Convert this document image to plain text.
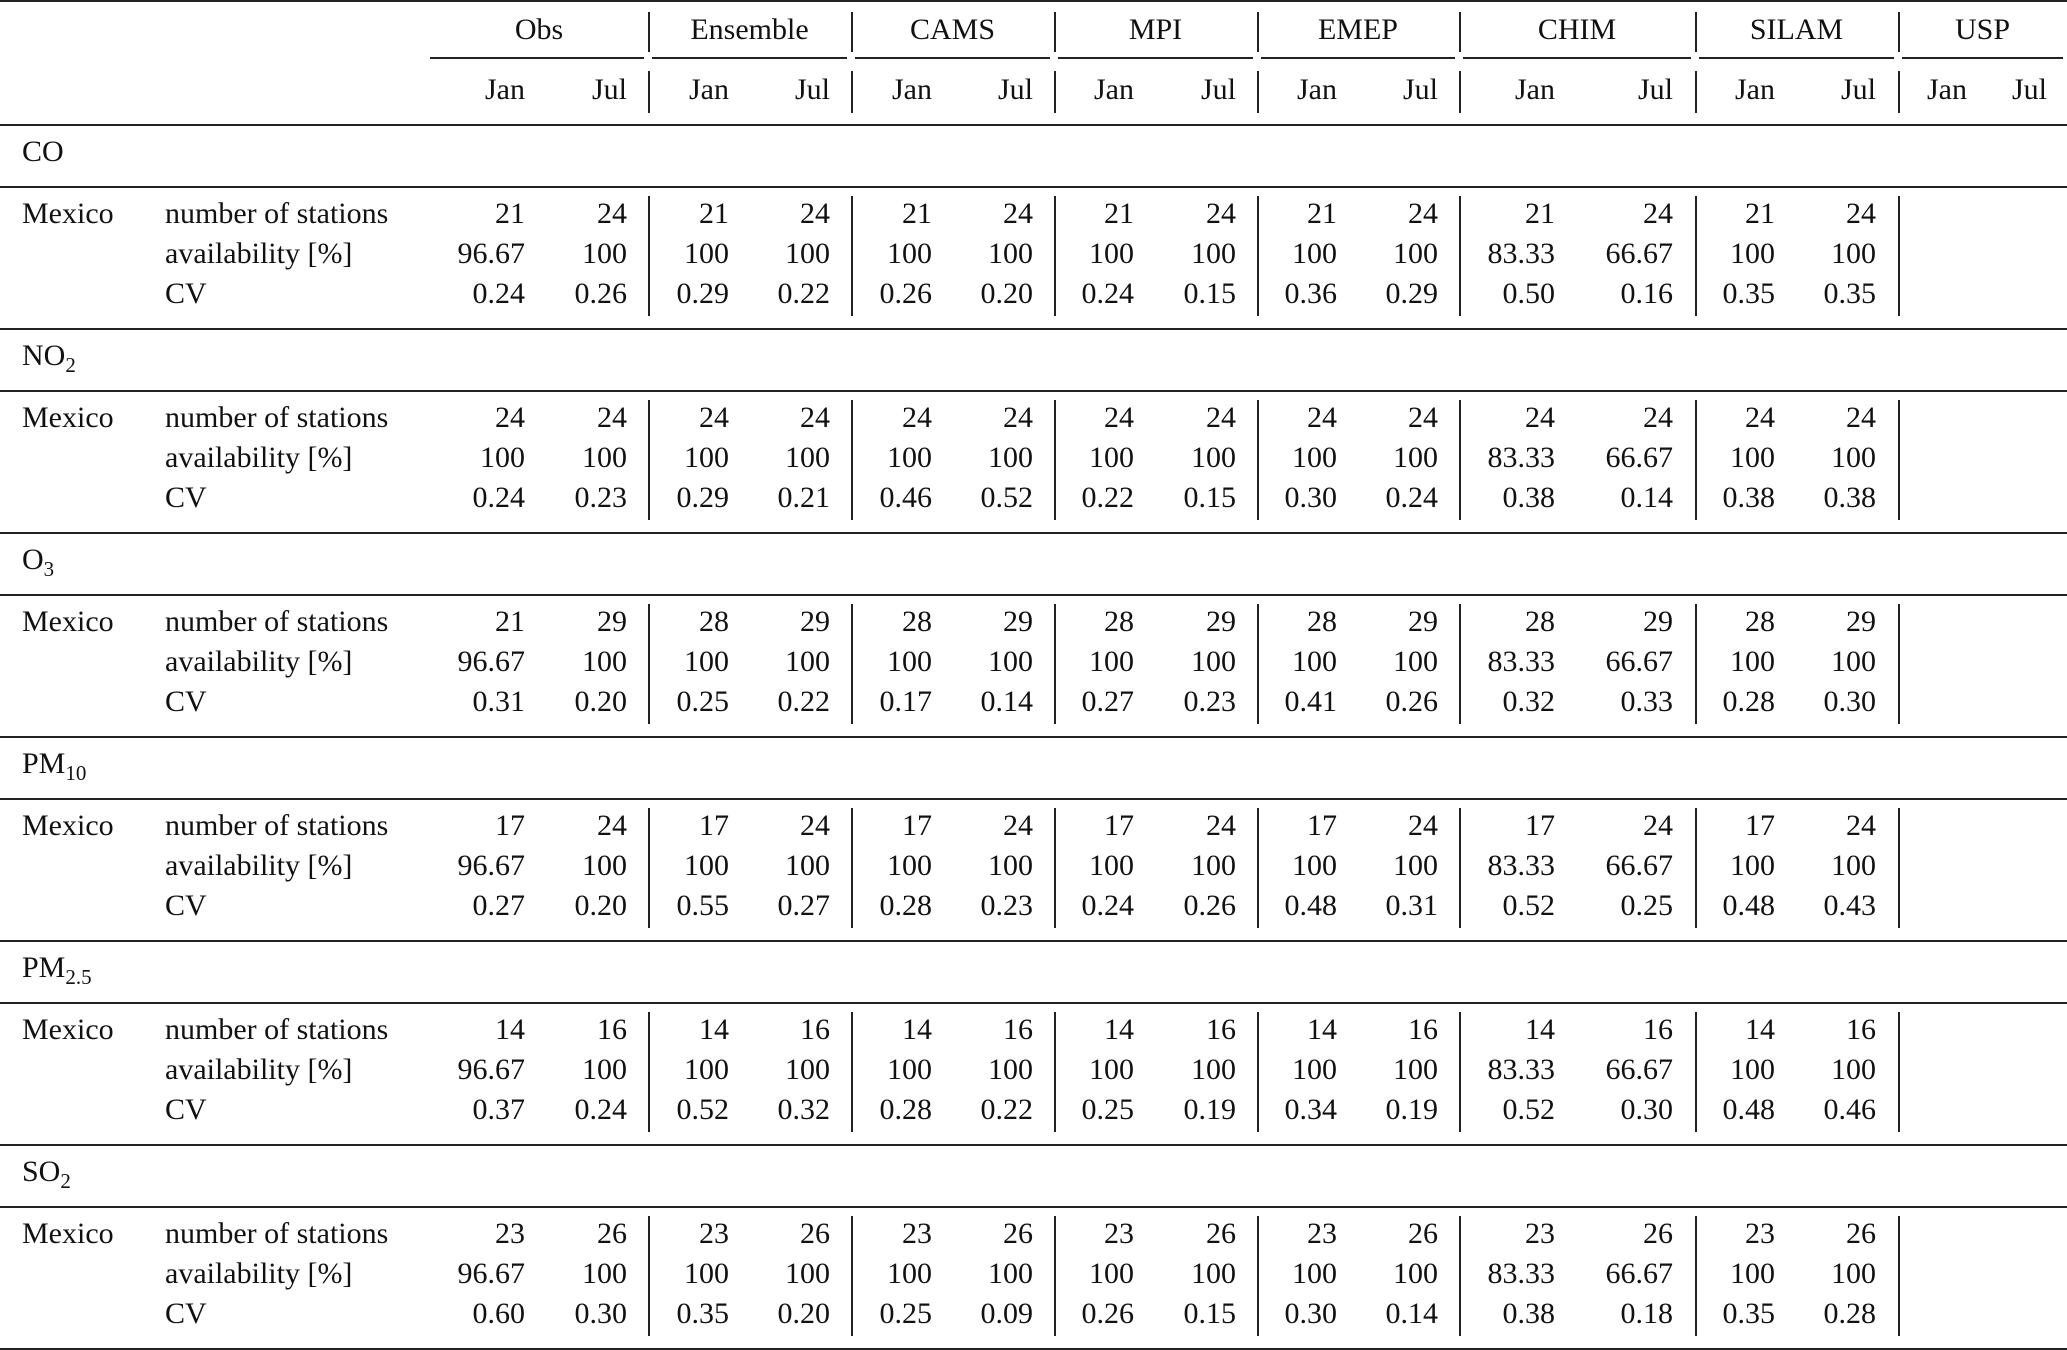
Obs	Ensemble	CAMS	MPI	EMEP	CHIM	SILAM	USP
Jan	Jul	Jan	Jul	Jan	Jul	Jan	Jul	Jan	Jul	Jan	Jul	Jan	Jul	Jan	Jul
CO
Mexico number of stations	21	24	21	24	21	24	21	24	21	24	21	24	21	24
availability [%]	96.67	100	100	100	100	100	100	100	100	100	83.33	66.67	100	100
CV	0.24	0.26	0.29	0.22	0.26	0.20	0.24	0.15	0.36	0.29	0.50	0.16	0.35	0.35
$NO_2$
Mexico number of stations	24	24	24	24	24	24	24	24	24	24	24	24	24	24
availability [%]	100	100	100	100	100	100	100	100	100	100	83.33	66.67	100	100
CV	0.24	0.23	0.29	0.21	0.46	0.52	0.22	0.15	0.30	0.24	0.38	0.14	0.38	0.38
$O_3$
Mexico number of stations	21	29	28	29	28	29	28	29	28	29	28	29	28	29
availability [%]	96.67	100	100	100	100	100	100	100	100	100	83.33	66.67	100	100
CV	0.31	0.20	0.25	0.22	0.17	0.14	0.27	0.23	0.41	0.26	0.32	0.33	0.28	0.30
$PM_{10}$
Mexico number of stations	17	24	17	24	17	24	17	24	17	24	17	24	17	24
availability [%]	96.67	100	100	100	100	100	100	100	100	100	83.33	66.67	100	100
CV	0.27	0.20	0.55	0.27	0.28	0.23	0.24	0.26	0.48	0.31	0.52	0.25	0.48	0.43
$PM_{2.5}$
Mexico number of stations	14	16	14	16	14	16	14	16	14	16	14	16	14	16
availability [%]	96.67	100	100	100	100	100	100	100	100	100	83.33	66.67	100	100
CV	0.37	0.24	0.52	0.32	0.28	0.22	0.25	0.19	0.34	0.19	0.52	0.30	0.48	0.46
$SO_2$
Mexico number of stations	23	26	23	26	23	26	23	26	23	26	23	26	23	26
availability [%]	96.67	100	100	100	100	100	100	100	100	100	83.33	66.67	100	100
CV	0.60	0.30	0.35	0.20	0.25	0.09	0.26	0.15	0.30	0.14	0.38	0.18	0.35	0.28
